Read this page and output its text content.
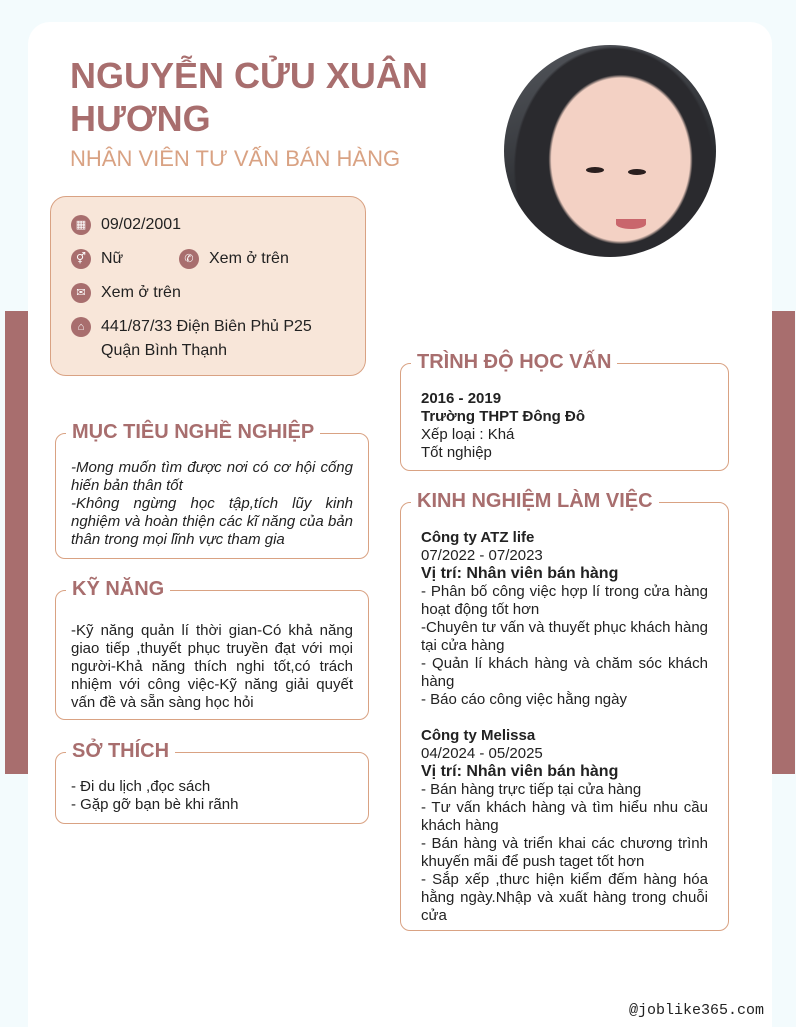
NGUYỄN CỬU XUÂN HƯƠNG
NHÂN VIÊN TƯ VẤN BÁN HÀNG
▦ 09/02/2001
⚥ Nữ	✆ Xem ở trên
✉ Xem ở trên
⌂	441/87/33 Điện Biên Phủ P25
Quận Bình Thạnh
MỤC TIÊU NGHỀ NGHIỆP
-Mong muốn tìm được nơi có cơ hội cống hiến bản thân tốt
-Không ngừng học tập,tích lũy kinh nghiệm và hoàn thiện các kĩ năng của bản thân trong mọi lĩnh vực tham gia
KỸ NĂNG
-Kỹ năng quản lí thời gian-Có khả năng giao tiếp ,thuyết phục truyền đạt với mọi người-Khả năng thích nghi tốt,có trách nhiệm với công việc-Kỹ năng giải quyết vấn đề và sẵn sàng học hỏi
SỞ THÍCH
- Đi du lịch ,đọc sách
- Gặp gỡ bạn bè khi rãnh
TRÌNH ĐỘ HỌC VẤN
2016 - 2019
Trường THPT Đông Đô
Xếp loại : Khá
Tốt nghiệp
KINH NGHIỆM LÀM VIỆC
Công ty ATZ life
07/2022 - 07/2023
Vị trí: Nhân viên bán hàng
- Phân bố công việc hợp lí trong cửa hàng hoạt động tốt hơn
-Chuyên tư vấn và thuyết phục khách hàng tại cửa hàng
- Quản lí khách hàng và chăm sóc khách hàng
- Báo cáo công việc hằng ngày
Công ty Melissa
04/2024 - 05/2025
Vị trí: Nhân viên bán hàng
- Bán hàng trực tiếp tại cửa hàng
- Tư vấn khách hàng và tìm hiểu nhu cầu khách hàng
- Bán hàng và triển khai các chương trình khuyến mãi để push taget tốt hơn
- Sắp xếp ,thưc hiện kiểm đếm hàng hóa hằng ngày.Nhập và xuất hàng trong chuỗi cửa
@joblike365.com
